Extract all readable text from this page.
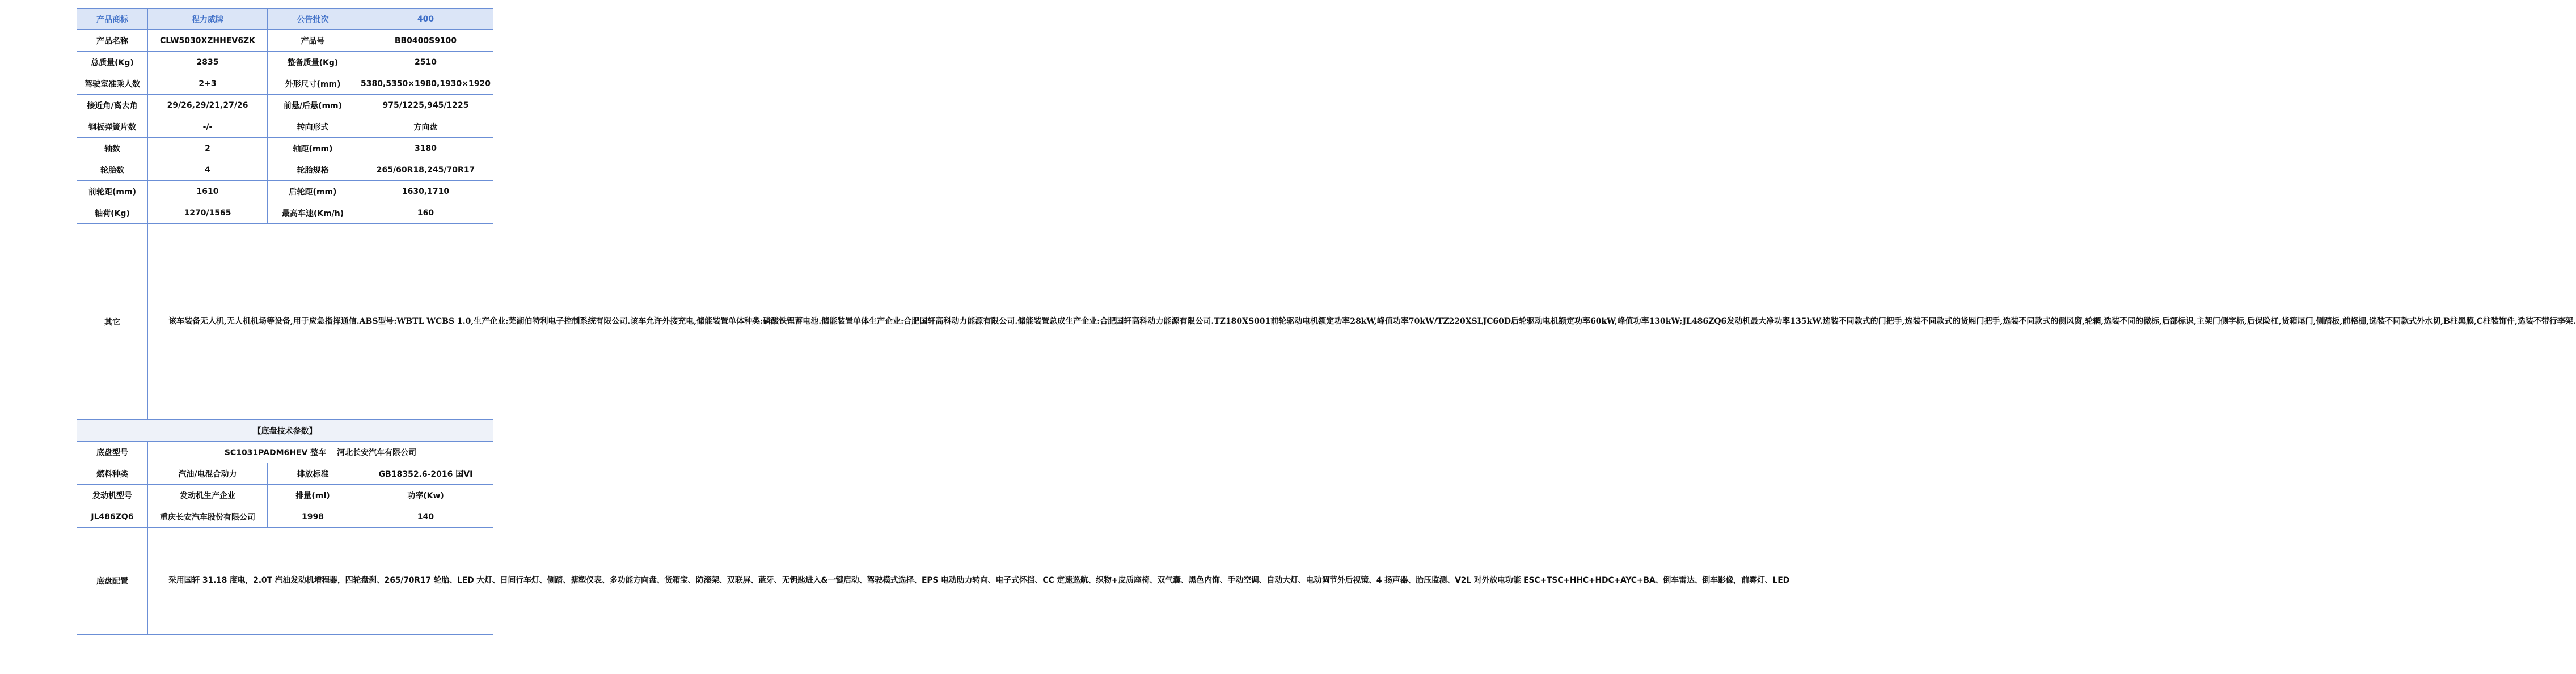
产品商标	程力威牌	公告批次	400
产品名称	CLW5030XZHHEV6ZK	产品号	BB0400S9100
总质量(Kg)	2835	整备质量(Kg)	2510
驾驶室准乘人数	2+3	外形尺寸(mm)	5380,5350×1980,1930×1920
接近角/离去角	29/26,29/21,27/26	前悬/后悬(mm)	975/1225,945/1225
钢板弹簧片数	-/-	转向形式	方向盘
轴数	2	轴距(mm)	3180
轮胎数	4	轮胎规格	265/60R18,245/70R17
前轮距(mm)	1610	后轮距(mm)	1630,1710
轴荷(Kg)	1270/1565	最高车速(Km/h)	160
其它	该车装备无人机,无人机机场等设备,用于应急指挥通信.ABS型号:WBTL WCBS 1.0,生产企业:芜湖伯特利电子控制系统有限公司.该车允许外接充电,储能装置单体种类:磷酸铁锂蓄电池.储能装置单体生产企业:合肥国轩高科动力能源有限公司.储能装置总成生产企业:合肥国轩高科动力能源有限公司.TZ180XS001前轮驱动电机额定功率28kW,峰值功率70kW/TZ220XSLJC60D后轮驱动电机额定功率60kW,峰值功率130kW;JL486ZQ6发动机最大净功率135kW.选装不同款式的门把手,选装不同款式的货厢门把手,选装不同款式的侧风窗,轮辋,选装不同的微标,后部标识,主架门侧字标,后保险杠,货箱尾门,侧踏板,前格栅,选装不同款式外水切,B柱黑膜,C柱装饰件,选装不带行李架.		

【底盘技术参数】			
底盘型号	SC1031PADM6HEV 整车　 河北长安汽车有限公司		
燃料种类	汽油/电混合动力	排放标准	GB18352.6-2016 国VI
发动机型号	发动机生产企业	排量(ml)	功率(Kw)
JL486ZQ6	重庆长安汽车股份有限公司	1998	140
底盘配置	采用国轩 31.18 度电，2.0T 汽油发动机增程器，四轮盘刹、265/70R17 轮胎、LED 大灯、日间行车灯、侧踏、搪塑仪表、多功能方向盘、货箱宝、防滚架、双联屏、蓝牙、无钥匙进入&一键启动、驾驶模式选择、EPS 电动助力转向、电子式怀挡、CC 定速巡航、织物+皮质座椅、双气囊、黑色内饰、手动空调、自动大灯、电动调节外后视镜、4 扬声器、胎压监测、V2L 对外放电功能 ESC+TSC+HHC+HDC+AYC+BA、倒车雷达、倒车影像，前雾灯、LED		
